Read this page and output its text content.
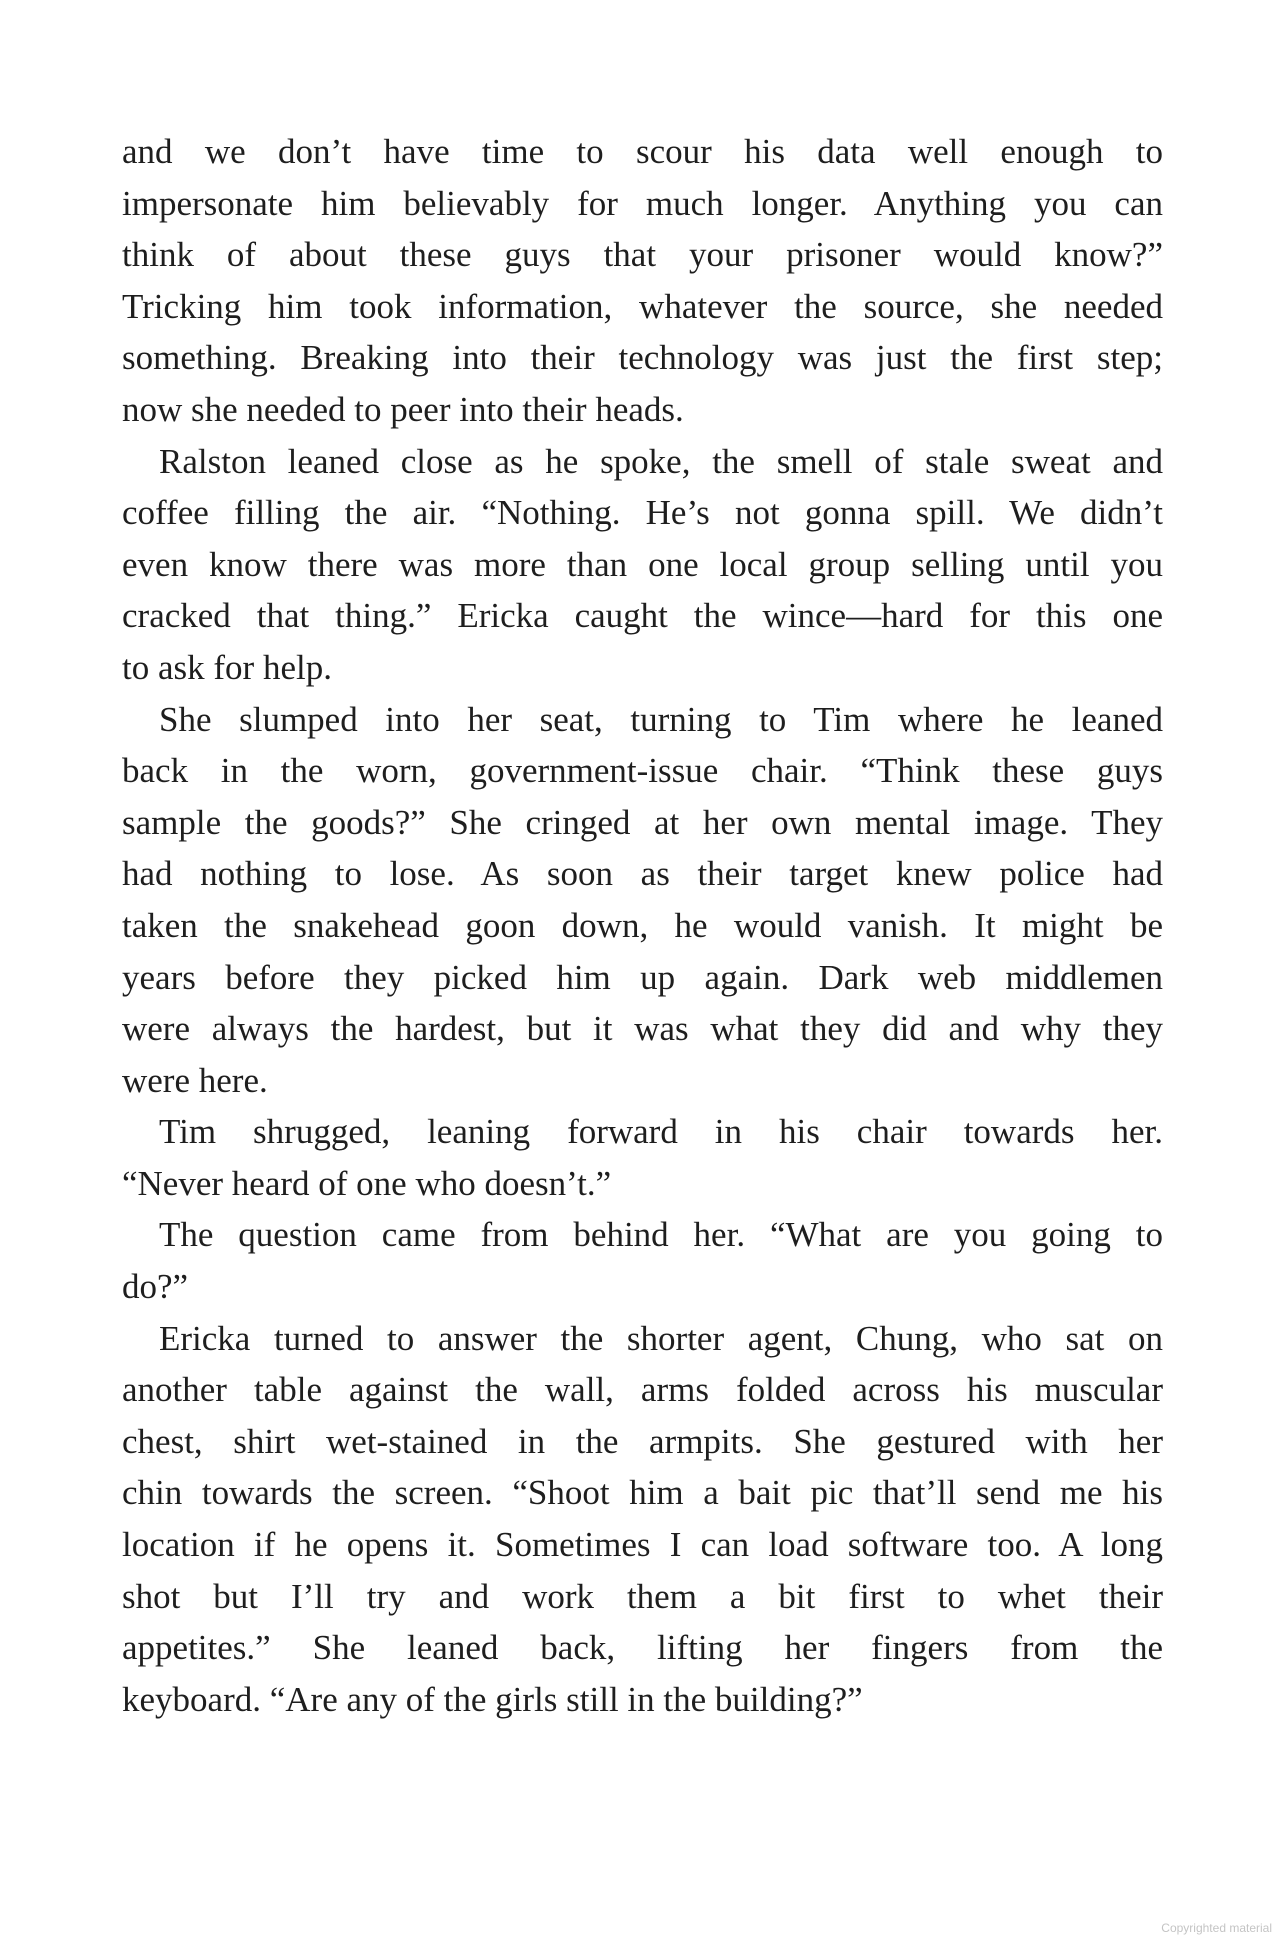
and we don’t have time to scour his data well enough to
impersonate him believably for much longer. Anything you can
think of about these guys that your prisoner would know?”
Tricking him took information, whatever the source, she needed
something. Breaking into their technology was just the first step;
now she needed to peer into their heads.
Ralston leaned close as he spoke, the smell of stale sweat and
coffee filling the air. “Nothing. He’s not gonna spill. We didn’t
even know there was more than one local group selling until you
cracked that thing.” Ericka caught the wince—hard for this one
to ask for help.
She slumped into her seat, turning to Tim where he leaned
back in the worn, government-issue chair. “Think these guys
sample the goods?” She cringed at her own mental image. They
had nothing to lose. As soon as their target knew police had
taken the snakehead goon down, he would vanish. It might be
years before they picked him up again. Dark web middlemen
were always the hardest, but it was what they did and why they
were here.
Tim shrugged, leaning forward in his chair towards her.
“Never heard of one who doesn’t.”
The question came from behind her. “What are you going to
do?”
Ericka turned to answer the shorter agent, Chung, who sat on
another table against the wall, arms folded across his muscular
chest, shirt wet-stained in the armpits. She gestured with her
chin towards the screen. “Shoot him a bait pic that’ll send me his
location if he opens it. Sometimes I can load software too. A long
shot but I’ll try and work them a bit first to whet their
appetites.” She leaned back, lifting her fingers from the
keyboard. “Are any of the girls still in the building?”
Copyrighted material
